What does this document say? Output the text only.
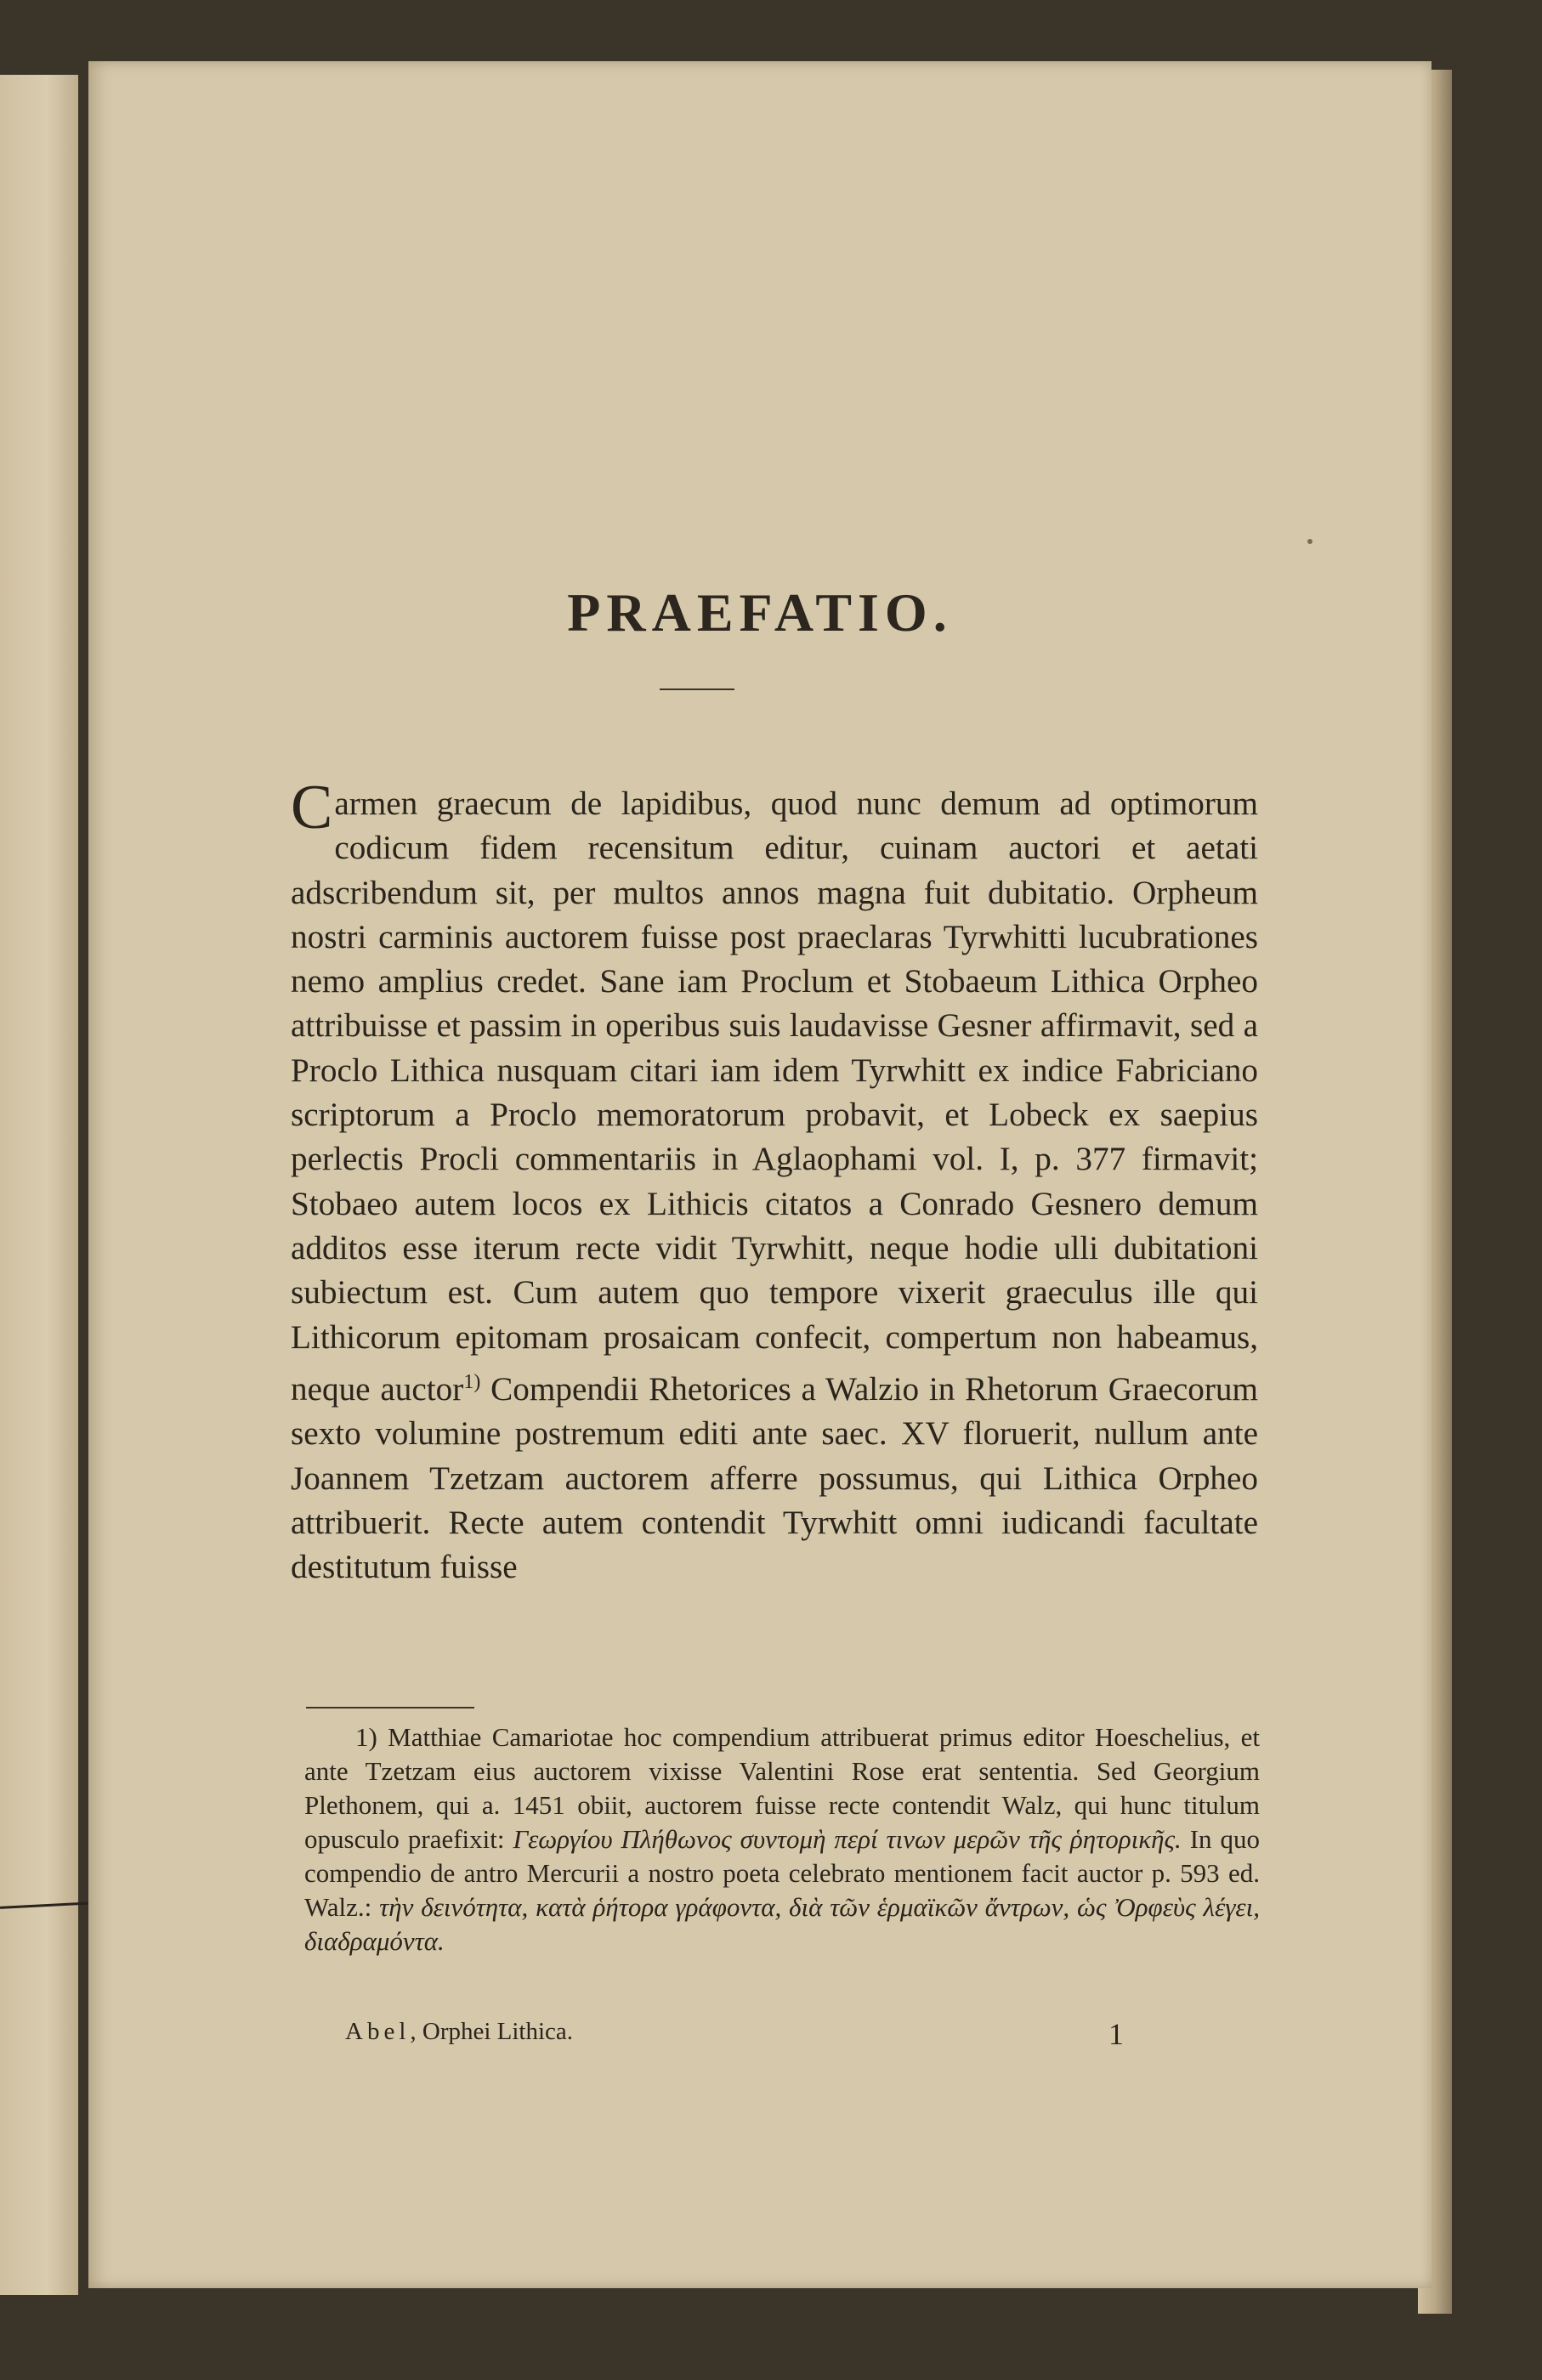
PRAEFATIO.

Carmen graecum de lapidibus, quod nunc demum ad optimorum codicum fidem recensitum editur, cuinam auctori et aetati adscribendum sit, per multos annos magna fuit dubitatio. Orpheum nostri carminis auctorem fuisse post praeclaras Tyrwhitti lucubrationes nemo amplius credet. Sane iam Proclum et Stobaeum Lithica Orpheo attribuisse et passim in operibus suis laudavisse Gesner affirmavit, sed a Proclo Lithica nusquam citari iam idem Tyrwhitt ex indice Fabriciano scriptorum a Proclo memoratorum probavit, et Lobeck ex saepius perlectis Procli commentariis in Aglaophami vol. I, p. 377 firmavit; Stobaeo autem locos ex Lithicis citatos a Conrado Gesnero demum additos esse iterum recte vidit Tyrwhitt, neque hodie ulli dubitationi subiectum est. Cum autem quo tempore vixerit graeculus ille qui Lithicorum epitomam prosaicam confecit, compertum non habeamus, neque auctor$^{1)}$ Compendii Rhetorices a Walzio in Rhetorum Graecorum sexto volumine postremum editi ante saec. XV floruerit, nullum ante Joannem Tzetzam auctorem afferre possumus, qui Lithica Orpheo attribuerit. Recte autem contendit Tyrwhitt omni iudicandi facultate destitutum fuisse

1) Matthiae Camariotae hoc compendium attribuerat primus editor Hoeschelius, et ante Tzetzam eius auctorem vixisse Valentini Rose erat sententia. Sed Georgium Plethonem, qui a. 1451 obiit, auctorem fuisse recte contendit Walz, qui hunc titulum opusculo praefixit: Γεωργίου Πλήθωνος συντομὴ περί τινων μερῶν τῆς ῥητορικῆς. In quo compendio de antro Mercurii a nostro poeta celebrato mentionem facit auctor p. 593 ed. Walz.: τὴν δεινότητα, κατὰ ῥήτορα γράφοντα, διὰ τῶν ἑρμαϊκῶν ἄντρων, ὡς Ὀρφεὺς λέγει, διαδραμόντα.

Abel, Orphei Lithica.	1
